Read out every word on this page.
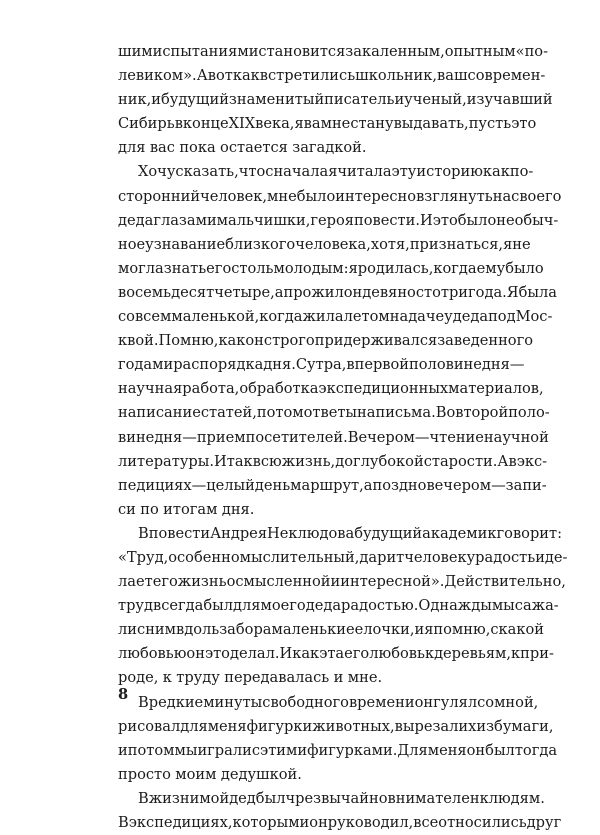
шим испытаниям и становится закаленным, опытным «по-
левиком». А вот как встретились школьник, ваш современ-
ник, и будущий знаменитый писатель и ученый, изучавший
Сибирь в конце XIX века, я вам не стану выдавать, пусть это
для вас пока остается загадкой.
Хочу сказать, что сначала я читала эту историю как по-
сторонний человек, мне было интересно взглянуть на своего
деда глазами мальчишки, героя повести. И это было необыч-
ное узнавание близкого человека, хотя, признаться, я не
могла знать его столь молодым: я родилась, когда ему было
восемьдесят четыре, а прожил он девяносто три года. Я была
совсем маленькой, когда жила летом на даче у деда под Мос-
квой. Помню, как он строго придерживался заведенного
годами распорядка дня. С утра, в первой половине дня —
научная работа, обработка экспедиционных материалов,
написание статей, потом ответы на письма. Во второй поло-
вине дня — прием посетителей. Вечером — чтение научной
литературы. И так всю жизнь, до глубокой старости. А в экс-
педициях — целый день маршрут, а поздно вечером — запи-
си по итогам дня.
В повести Андрея Неклюдова будущий академик говорит:
«Труд, особенно мыслительный, дарит человеку радость и де-
лает его жизнь осмысленной и интересной». Действительно,
труд всегда был для моего деда радостью. Однажды мы сажа-
ли с ним вдоль забора маленькие елочки, и я помню, с какой
любовью он это делал. И как эта его любовь к деревьям, к при-
роде, к труду передавалась и мне.
В редкие минуты свободного времени он гулял со мной,
рисовал для меня фигурки животных, вырезал их из бумаги,
и потом мы играли с этими фигурками. Для меня он был тогда
просто моим дедушкой.
В жизни мой дед был чрезвычайно внимателен к людям.
В экспедициях, которыми он руководил, все относились друг
8
